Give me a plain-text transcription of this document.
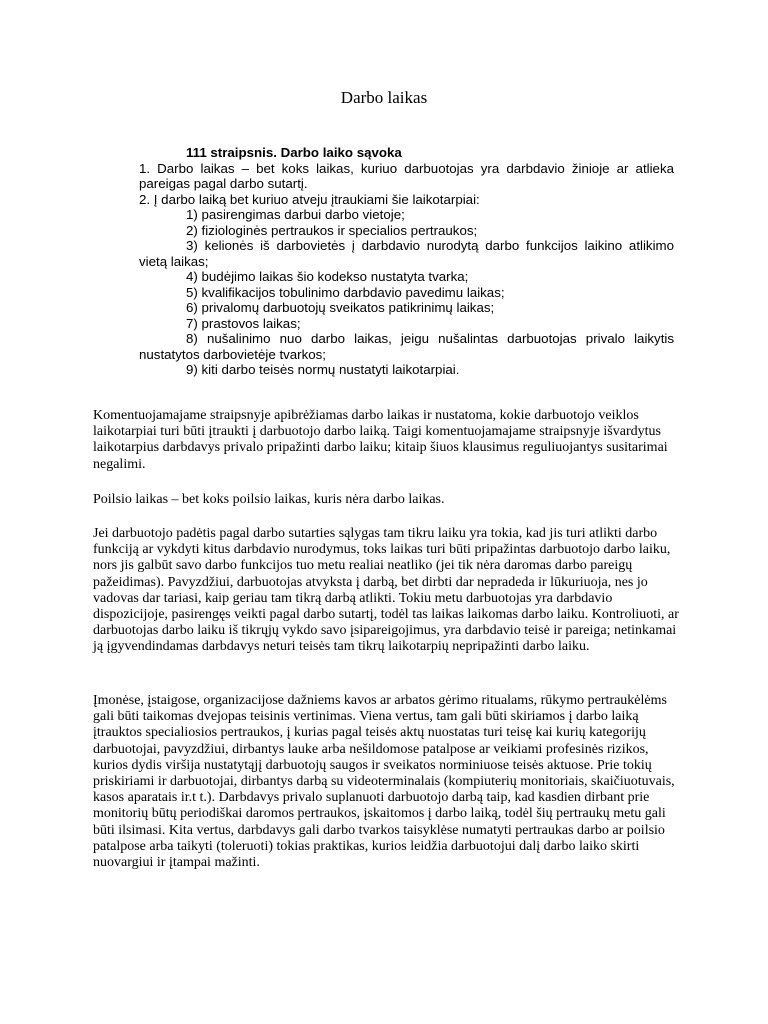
Darbo laikas

111 straipsnis. Darbo laiko sąvoka

1. Darbo laikas – bet koks laikas, kuriuo darbuotojas yra darbdavio žinioje ar atlieka pareigas pagal darbo sutartį.

2. Į darbo laiką bet kuriuo atveju įtraukiami šie laikotarpiai:

1) pasirengimas darbui darbo vietoje;

2) fiziologinės pertraukos ir specialios pertraukos;

3) kelionės iš darbovietės į darbdavio nurodytą darbo funkcijos laikino atlikimo vietą laikas;

4) budėjimo laikas šio kodekso nustatyta tvarka;

5) kvalifikacijos tobulinimo darbdavio pavedimu laikas;

6) privalomų darbuotojų sveikatos patikrinimų laikas;

7) prastovos laikas;

8) nušalinimo nuo darbo laikas, jeigu nušalintas darbuotojas privalo laikytis nustatytos darbovietėje tvarkos;

9) kiti darbo teisės normų nustatyti laikotarpiai.

Komentuojamajame straipsnyje apibrėžiamas darbo laikas ir nustatoma, kokie darbuotojo veiklos laikotarpiai turi būti įtraukti į darbuotojo darbo laiką. Taigi komentuojamajame straipsnyje išvardytus laikotarpius darbdavys privalo pripažinti darbo laiku; kitaip šiuos klausimus reguliuojantys susitarimai negalimi.

Poilsio laikas – bet koks poilsio laikas, kuris nėra darbo laikas.

Jei darbuotojo padėtis pagal darbo sutarties sąlygas tam tikru laiku yra tokia, kad jis turi atlikti darbo funkciją ar vykdyti kitus darbdavio nurodymus, toks laikas turi būti pripažintas darbuotojo darbo laiku, nors jis galbūt savo darbo funkcijos tuo metu realiai neatliko (jei tik nėra daromas darbo pareigų pažeidimas). Pavyzdžiui, darbuotojas atvyksta į darbą, bet dirbti dar nepradeda ir lūkuriuoja, nes jo vadovas dar tariasi, kaip geriau tam tikrą darbą atlikti. Tokiu metu darbuotojas yra darbdavio dispozicijoje, pasirengęs veikti pagal darbo sutartį, todėl tas laikas laikomas darbo laiku. Kontroliuoti, ar darbuotojas darbo laiku iš tikrųjų vykdo savo įsipareigojimus, yra darbdavio teisė ir pareiga; netinkamai ją įgyvendindamas darbdavys neturi teisės tam tikrų laikotarpių nepripažinti darbo laiku.

Įmonėse, įstaigose, organizacijose dažniems kavos ar arbatos gėrimo ritualams, rūkymo pertraukėlėms gali būti taikomas dvejopas teisinis vertinimas. Viena vertus, tam gali būti skiriamos į darbo laiką įtrauktos specialiosios pertraukos, į kurias pagal teisės aktų nuostatas turi teisę kai kurių kategorijų darbuotojai, pavyzdžiui, dirbantys lauke arba nešildomose patalpose ar veikiami profesinės rizikos, kurios dydis viršija nustatytąjį darbuotojų saugos ir sveikatos norminiuose teisės aktuose. Prie tokių priskiriami ir darbuotojai, dirbantys darbą su videoterminalais (kompiuterių monitoriais, skaičiuotuvais, kasos aparatais ir.t t.). Darbdavys privalo suplanuoti darbuotojo darbą taip, kad kasdien dirbant prie monitorių būtų periodiškai daromos pertraukos, įskaitomos į darbo laiką, todėl šių pertraukų metu gali būti ilsimasi. Kita vertus, darbdavys gali darbo tvarkos taisyklėse numatyti pertraukas darbo ar poilsio patalpose arba taikyti (toleruoti) tokias praktikas, kurios leidžia darbuotojui dalį darbo laiko skirti nuovargiui ir įtampai mažinti.
